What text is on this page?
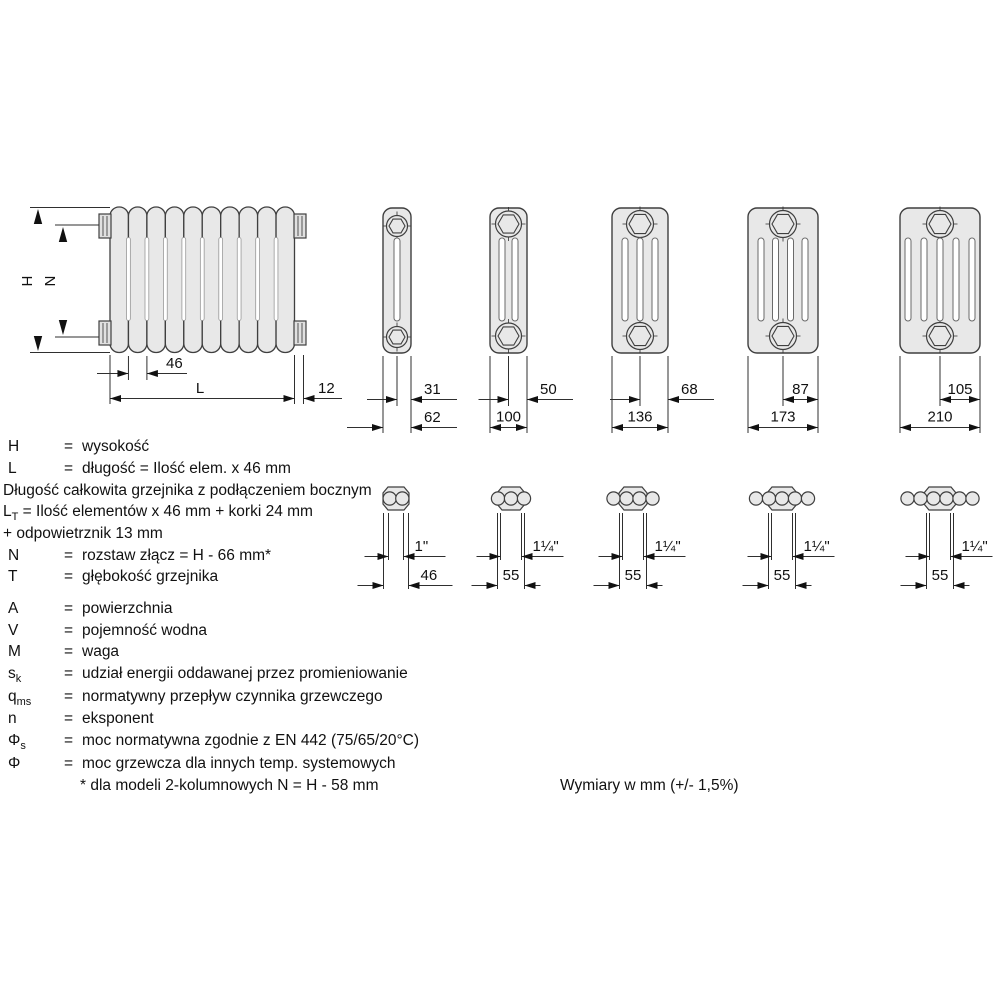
H N
46
L	12	31
62
50
100
68
136
87
173
105
210
1"
46
1¼"
55
1¼"
55
1¼"
55
1¼"
55
H	= wysokość
L	= długość = Ilość elem. x 46 mm
Długość całkowita grzejnika z podłączeniem bocznym
$L_T$ = Ilość elementów x 46 mm + korki 24 mm
+ odpowietrznik 13 mm
N	= rozstaw złącz = H - 66 mm*
T	= głębokość grzejnika
A	= powierzchnia
V	= pojemność wodna
M	= waga
$s_k$	= udział energii oddawanej przez promieniowanie
$q_{ms}$ = normatywny przepływ czynnika grzewczego
n	= eksponent
$\Phi_s$ = moc normatywna zgodnie z EN 442 (75/65/20°C)
Φ	= moc grzewcza dla innych temp. systemowych
* dla modeli 2-kolumnowych N = H - 58 mm	Wymiary w mm (+/- 1,5%)
